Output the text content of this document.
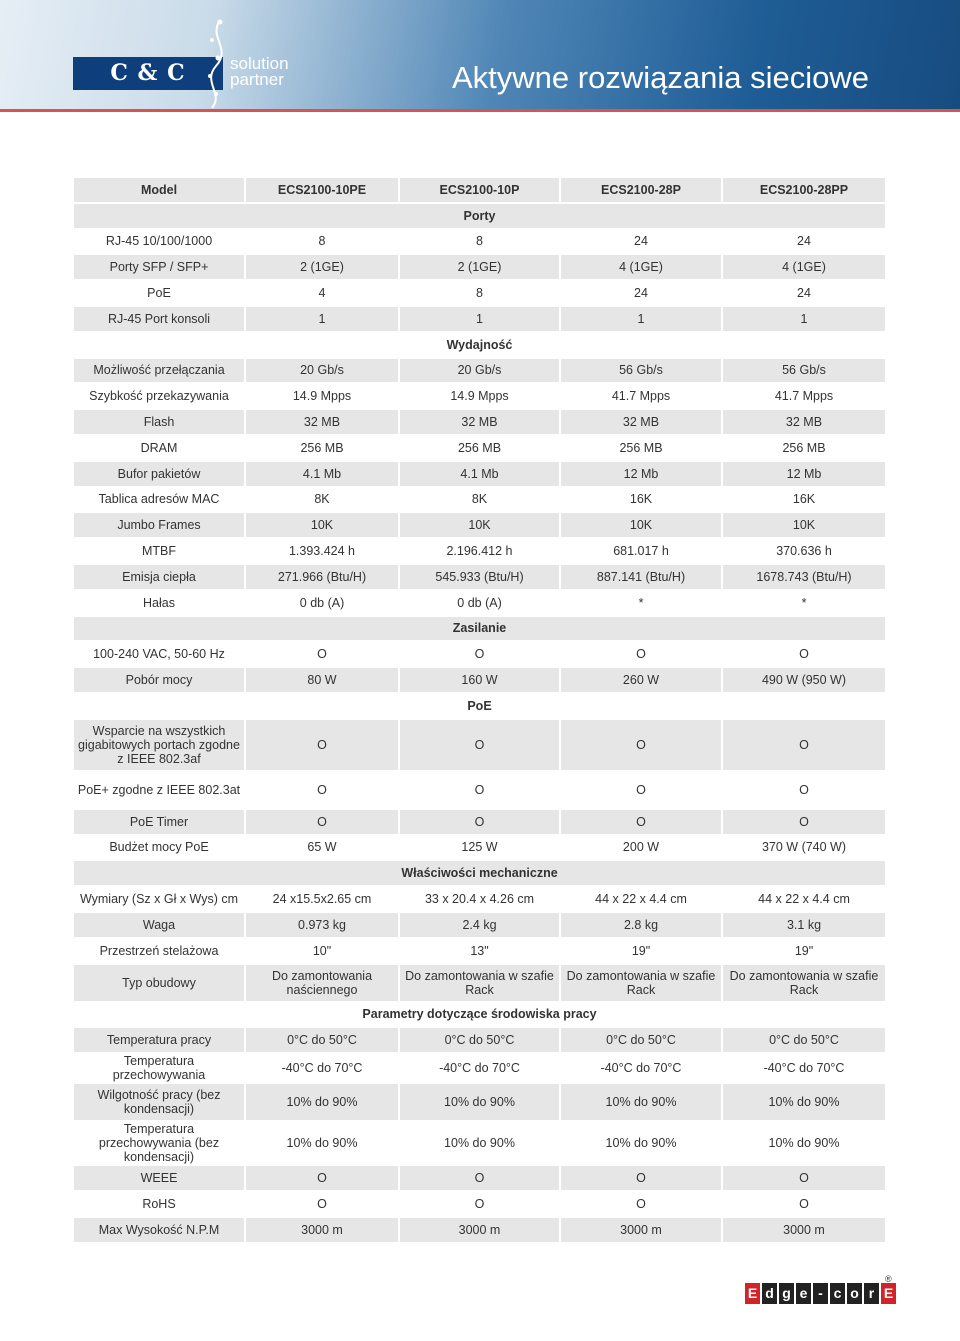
C & C	solution
partner	Aktywne rozwiązania sieciowe
Model	ECS2100-10PE	ECS2100-10P	ECS2100-28P	ECS2100-28PP
Porty				
RJ-45 10/100/1000	8	8	24	24
Porty SFP / SFP+	2 (1GE)	2 (1GE)	4 (1GE)	4 (1GE)
PoE	4	8	24	24
RJ-45 Port konsoli	1	1	1	1
Wydajność				
Możliwość przełączania	20 Gb/s	20 Gb/s	56 Gb/s	56 Gb/s
Szybkość przekazywania	14.9 Mpps	14.9 Mpps	41.7 Mpps	41.7 Mpps
Flash	32 MB	32 MB	32 MB	32 MB
DRAM	256 MB	256 MB	256 MB	256 MB
Bufor pakietów	4.1 Mb	4.1 Mb	12 Mb	12 Mb
Tablica adresów MAC	8K	8K	16K	16K
Jumbo Frames	10K	10K	10K	10K
MTBF	1.393.424 h	2.196.412 h	681.017 h	370.636 h
Emisja ciepła	271.966 (Btu/H)	545.933 (Btu/H)	887.141 (Btu/H)	1678.743 (Btu/H)
Hałas	0 db (A)	0 db (A)	*	*
Zasilanie				
100-240 VAC, 50-60 Hz	O	O	O	O
Pobór mocy	80 W	160 W	260 W	490 W (950 W)
PoE				
Wsparcie na wszystkich gigabitowych portach zgodne z IEEE 802.3af	O	O	O	O
PoE+ zgodne z IEEE 802.3at	O	O	O	O
PoE Timer	O	O	O	O
Budżet mocy PoE	65 W	125 W	200 W	370 W (740 W)
Właściwości mechaniczne				
Wymiary (Sz x Gł x Wys) cm	24 x15.5x2.65 cm	33 x 20.4 x 4.26 cm	44 x 22 x 4.4 cm	44 x 22 x 4.4 cm
Waga	0.973 kg	2.4 kg	2.8 kg	3.1 kg
Przestrzeń stelażowa	10"	13"	19"	19"
Typ obudowy	Do zamontowania naściennego	Do zamontowania w szafie Rack	Do zamontowania w szafie Rack	Do zamontowania w szafie Rack
Parametry dotyczące środowiska pracy				
Temperatura pracy	0°C do 50°C	0°C do 50°C	0°C do 50°C	0°C do 50°C
Temperatura przechowywania	-40°C do 70°C	-40°C do 70°C	-40°C do 70°C	-40°C do 70°C
Wilgotność pracy (bez kondensacji)	10% do 90%	10% do 90%	10% do 90%	10% do 90%
Temperatura przechowywania (bez kondensacji)	10% do 90%	10% do 90%	10% do 90%	10% do 90%
WEEE	O	O	O	O
RoHS	O	O	O	O
Max Wysokość N.P.M	3000 m	3000 m	3000 m	3000 m
E d g e - c o r E
®
